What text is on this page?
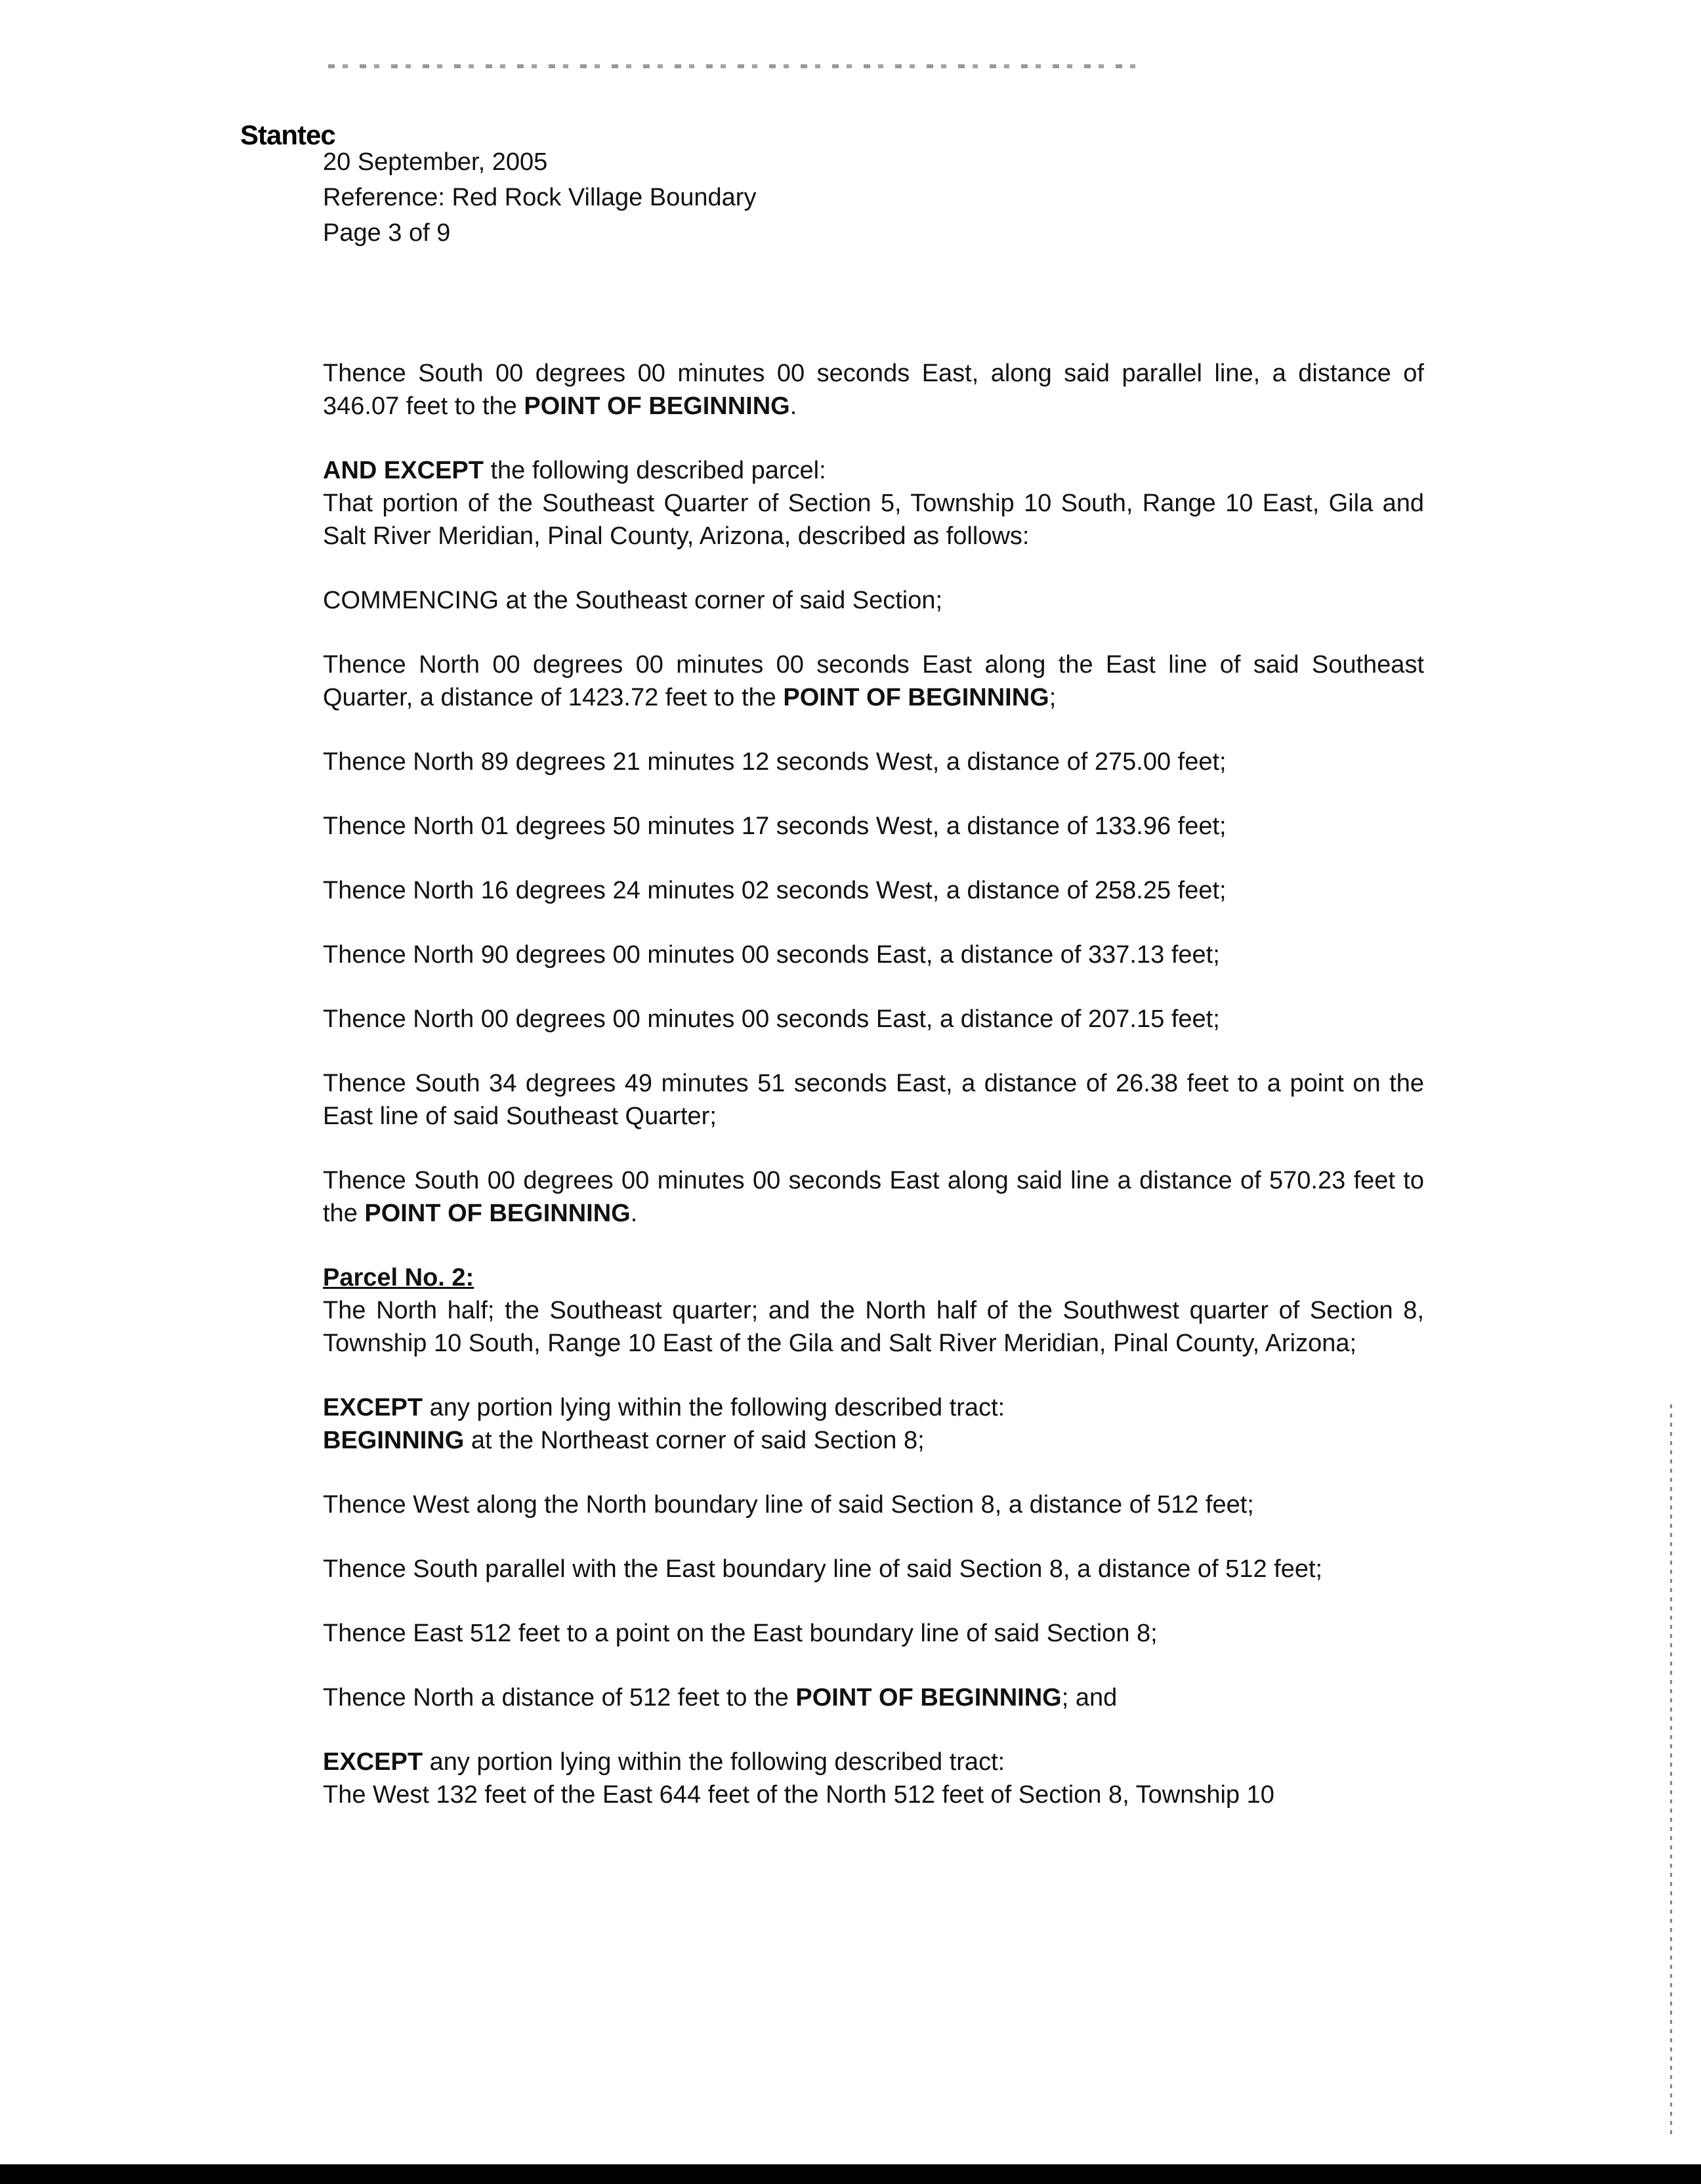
Stantec
20 September, 2005
Reference: Red Rock Village Boundary
Page 3 of 9

Thence South 00 degrees 00 minutes 00 seconds East, along said parallel line, a distance of 346.07 feet to the POINT OF BEGINNING.

AND EXCEPT the following described parcel:

That portion of the Southeast Quarter of Section 5, Township 10 South, Range 10 East, Gila and Salt River Meridian, Pinal County, Arizona, described as follows:

COMMENCING at the Southeast corner of said Section;

Thence North 00 degrees 00 minutes 00 seconds East along the East line of said Southeast Quarter, a distance of 1423.72 feet to the POINT OF BEGINNING;

Thence North 89 degrees 21 minutes 12 seconds West, a distance of 275.00 feet;

Thence North 01 degrees 50 minutes 17 seconds West, a distance of 133.96 feet;

Thence North 16 degrees 24 minutes 02 seconds West, a distance of 258.25 feet;

Thence North 90 degrees 00 minutes 00 seconds East, a distance of 337.13 feet;

Thence North 00 degrees 00 minutes 00 seconds East, a distance of 207.15 feet;

Thence South 34 degrees 49 minutes 51 seconds East, a distance of 26.38 feet to a point on the East line of said Southeast Quarter;

Thence South 00 degrees 00 minutes 00 seconds East along said line a distance of 570.23 feet to the POINT OF BEGINNING.

Parcel No. 2:

The North half; the Southeast quarter; and the North half of the Southwest quarter of Section 8, Township 10 South, Range 10 East of the Gila and Salt River Meridian, Pinal County, Arizona;

EXCEPT any portion lying within the following described tract:

BEGINNING at the Northeast corner of said Section 8;

Thence West along the North boundary line of said Section 8, a distance of 512 feet;

Thence South parallel with the East boundary line of said Section 8, a distance of 512 feet;

Thence East 512 feet to a point on the East boundary line of said Section 8;

Thence North a distance of 512 feet to the POINT OF BEGINNING; and

EXCEPT any portion lying within the following described tract:

The West 132 feet of the East 644 feet of the North 512 feet of Section 8, Township 10
